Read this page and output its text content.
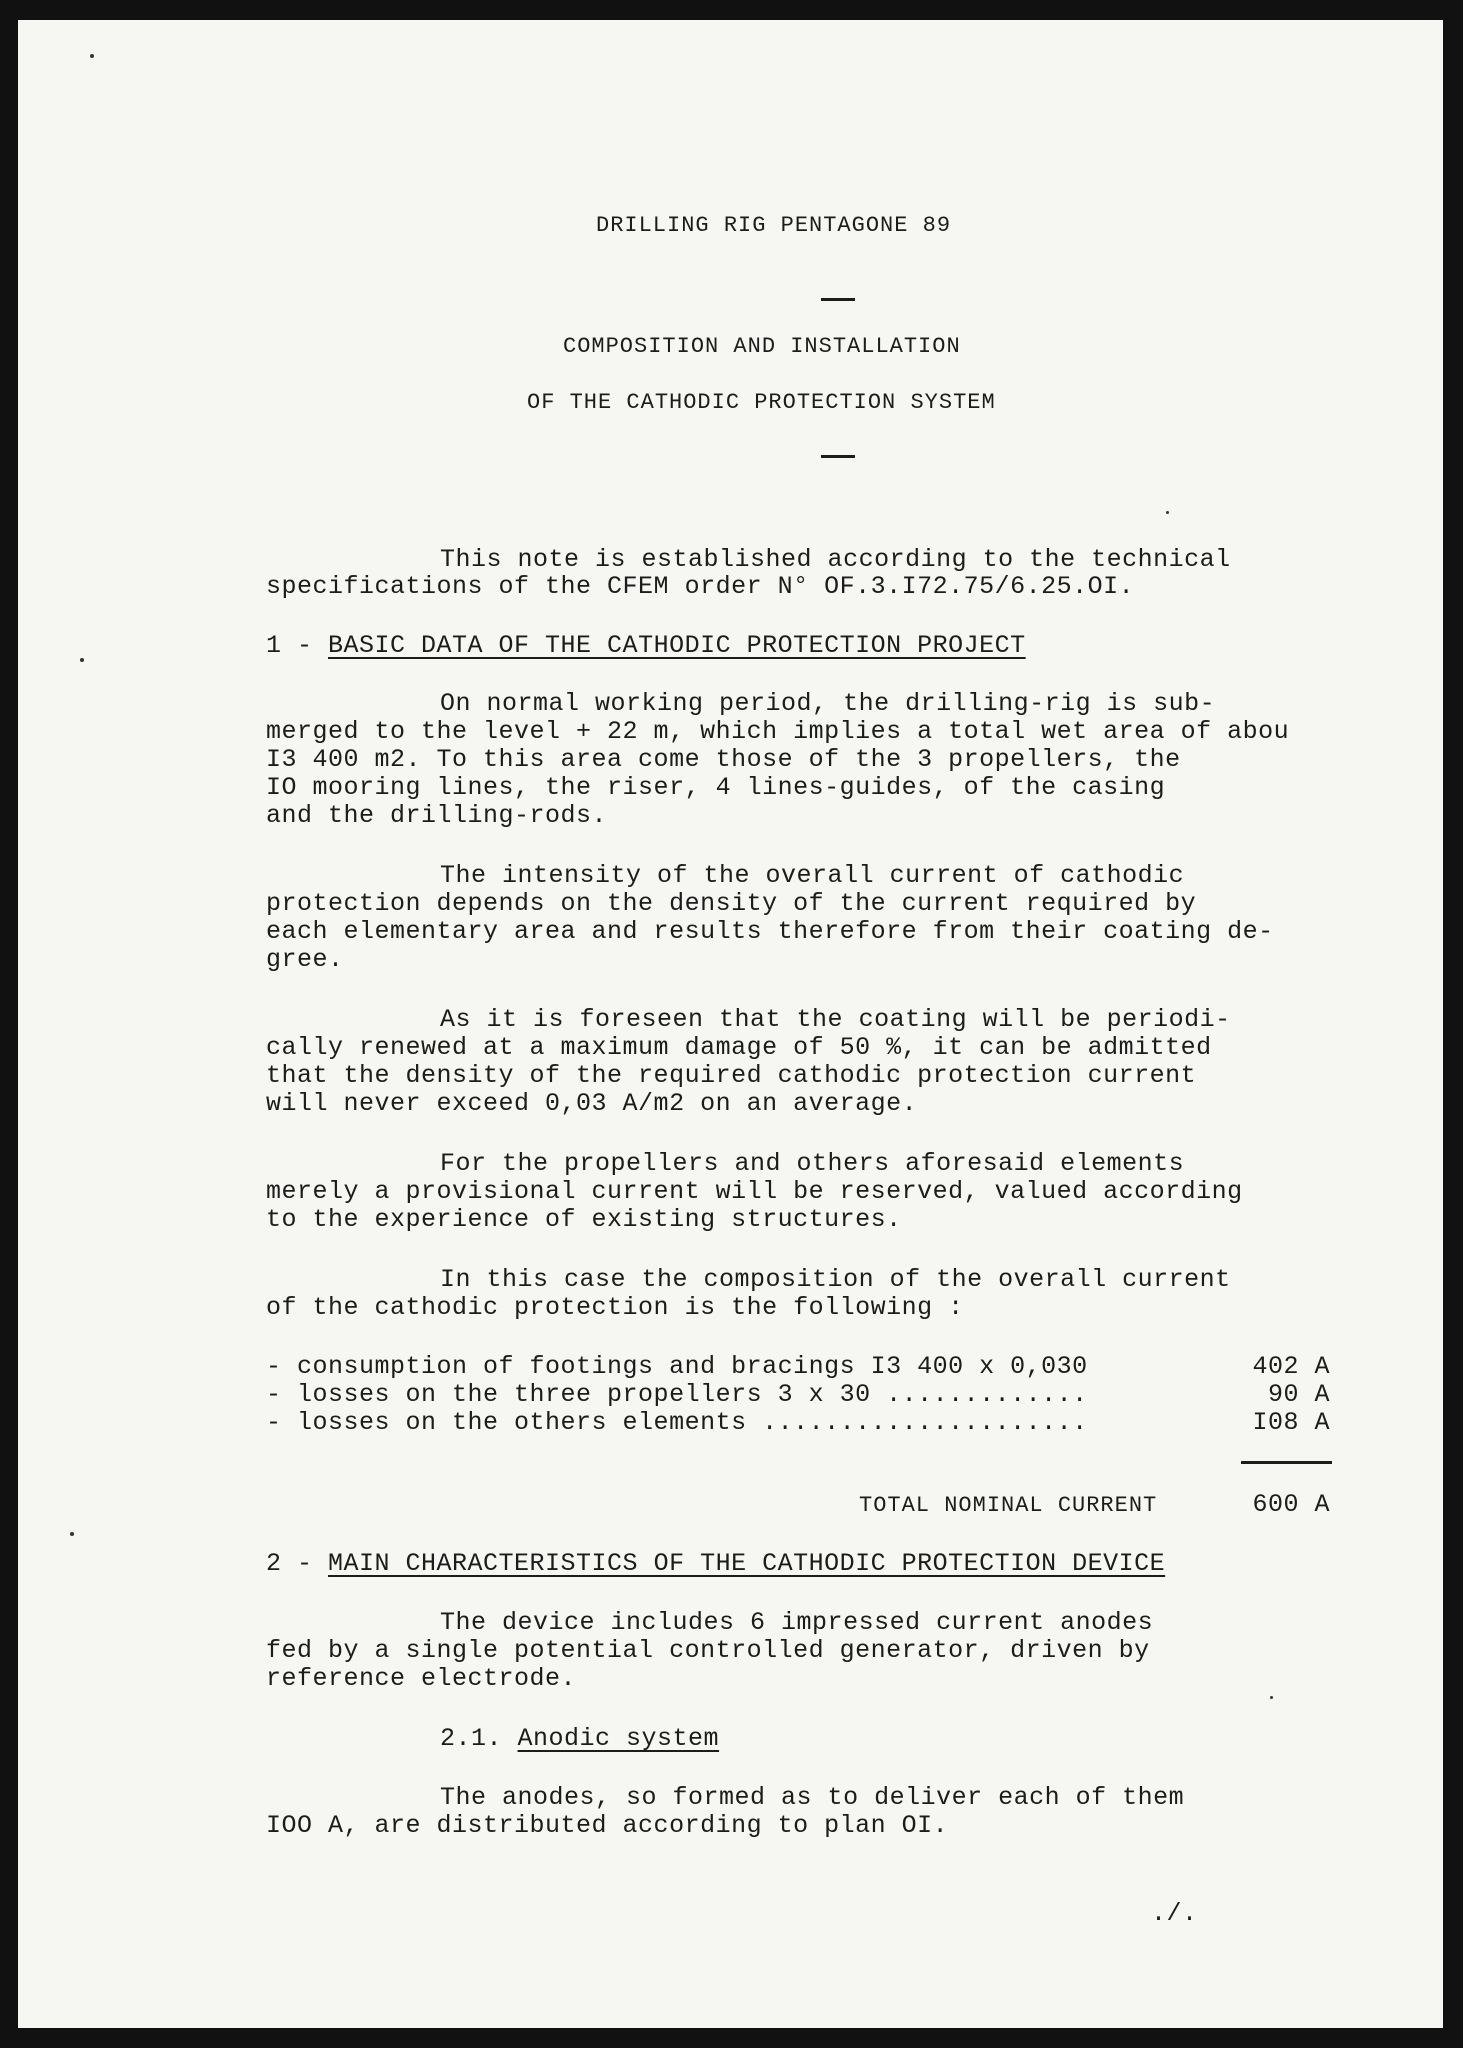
DRILLING RIG PENTAGONE 89
COMPOSITION AND INSTALLATION
OF THE CATHODIC PROTECTION SYSTEM
This note is established according to the technical
specifications of the CFEM order N° OF.3.I72.75/6.25.OI.
1 - BASIC DATA OF THE CATHODIC PROTECTION PROJECT
On normal working period, the drilling-rig is sub-
merged to the level + 22 m, which implies a total wet area of abou
I3 400 m2. To this area come those of the 3 propellers, the
IO mooring lines, the riser, 4 lines-guides, of the casing
and the drilling-rods.
The intensity of the overall current of cathodic
protection depends on the density of the current required by
each elementary area and results therefore from their coating de-
gree.
As it is foreseen that the coating will be periodi-
cally renewed at a maximum damage of 50 %, it can be admitted
that the density of the required cathodic protection current
will never exceed 0,03 A/m2 on an average.
For the propellers and others aforesaid elements
merely a provisional current will be reserved, valued according
to the experience of existing structures.
In this case the composition of the overall current
of the cathodic protection is the following :
- consumption of footings and bracings I3 400 x 0,030	402 A
- losses on the three propellers 3 x 30 .............	90 A
- losses on the others elements .....................	I08 A
TOTAL NOMINAL CURRENT	600 A
2 - MAIN CHARACTERISTICS OF THE CATHODIC PROTECTION DEVICE
The device includes 6 impressed current anodes
fed by a single potential controlled generator, driven by
reference electrode.
2.1. Anodic system
The anodes, so formed as to deliver each of them
IOO A, are distributed according to plan OI.
./.
